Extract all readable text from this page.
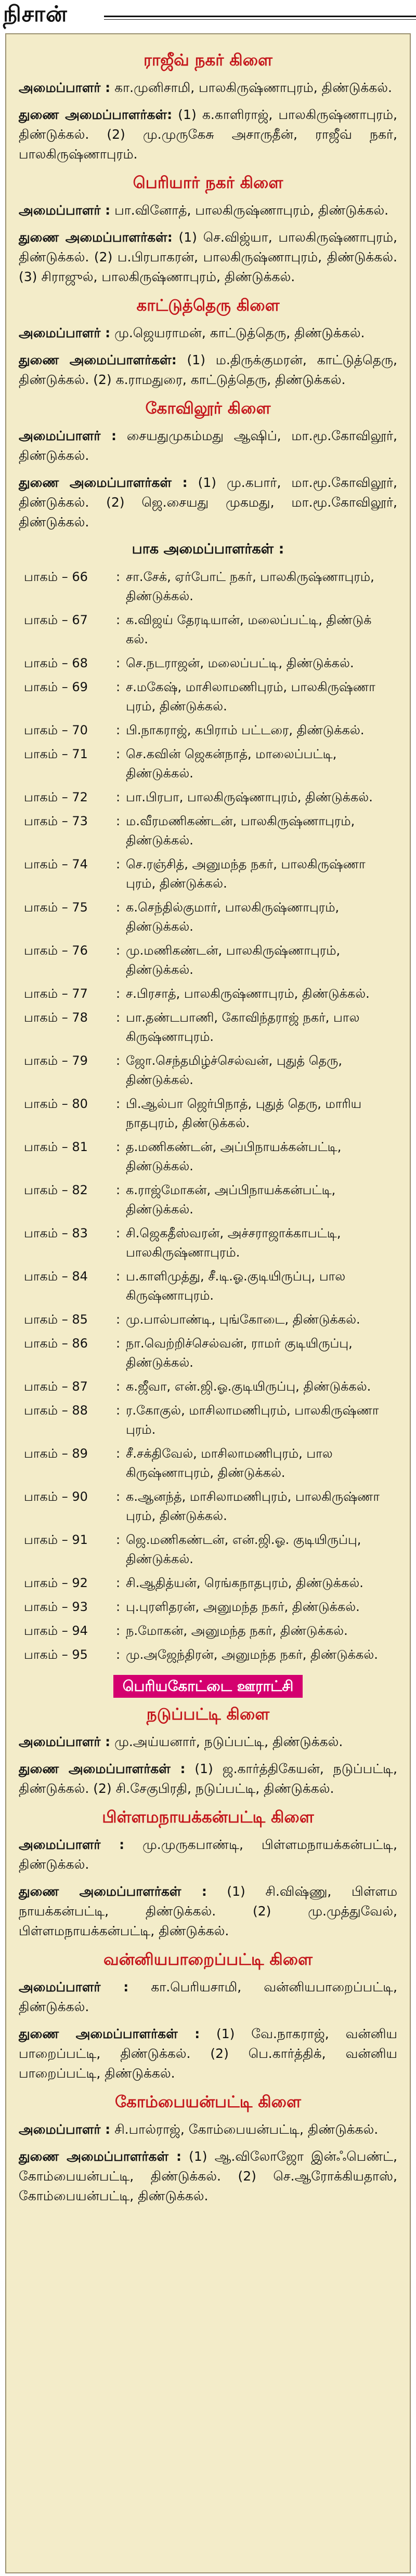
நிசான்
ராஜீவ் நகர் கிளை

அமைப்பாளர் : கா.முனிசாமி, பாலகிருஷ்ணாபுரம், திண்டுக்கல்.

துணை அமைப்பாளர்கள்: (1) க.காளிராஜ், பாலகிருஷ்ணாபுரம், திண்டுக்கல். (2) மு.முருகேசு அசாருதீன், ராஜீவ் நகர், பாலகிருஷ்ணாபுரம்.

பெரியார் நகர் கிளை

அமைப்பாளர் : பா.வினோத், பாலகிருஷ்ணாபுரம், திண்டுக்கல்.

துணை அமைப்பாளர்கள்: (1) செ.விஜ்யா, பாலகிருஷ்ணாபுரம், திண்டுக்கல். (2) ப.பிரபாகரன், பாலகிருஷ்ணாபுரம், திண்டுக்கல். (3) சிராஜுல், பாலகிருஷ்ணாபுரம், திண்டுக்கல்.

காட்டுத்தெரு கிளை

அமைப்பாளர் : மு.ஜெயராமன், காட்டுத்தெரு, திண்டுக்கல்.

துணை அமைப்பாளர்கள்: (1) ம.திருக்குமரன், காட்டுத்தெரு, திண்டுக்கல். (2) க.ராமதுரை, காட்டுத்தெரு, திண்டுக்கல்.

கோவிலூர் கிளை

அமைப்பாளர் : சையதுமுகம்மது ஆஷிப், மா.மூ.கோவிலூர், திண்டுக்கல்.

துணை அமைப்பாளர்கள் : (1) மு.கபார், மா.மூ.கோவிலூர், திண்டுக்கல். (2) ஜெ.சையது முகமது, மா.மூ.கோவிலூர், திண்டுக்கல்.

பாக அமைப்பாளர்கள் :
பாகம் – 66	: சா.சேக், ஏர்போட் நகர், பாலகிருஷ்ணாபுரம், திண்டுக்கல்.
பாகம் – 67	: க.விஜய் தேரடியான், மலைப்பட்டி, திண்டுக் கல்.
பாகம் – 68	: செ.நடராஜன், மலைப்பட்டி, திண்டுக்கல்.
பாகம் – 69	: ச.மகேஷ், மாசிலாமணிபுரம், பாலகிருஷ்ணா புரம், திண்டுக்கல்.
பாகம் – 70	: பி.நாகராஜ், கபிராம் பட்டரை, திண்டுக்கல்.
பாகம் – 71	: செ.கவின் ஜெகன்நாத், மாலைப்பட்டி, திண்டுக்கல்.
பாகம் – 72	: பா.பிரபா, பாலகிருஷ்ணாபுரம், திண்டுக்கல்.
பாகம் – 73	: ம.வீரமணிகண்டன், பாலகிருஷ்ணாபுரம், திண்டுக்கல்.
பாகம் – 74	: செ.ரஞ்சித், அனுமந்த நகர், பாலகிருஷ்ணா புரம், திண்டுக்கல்.
பாகம் – 75	: க.செந்தில்குமார், பாலகிருஷ்ணாபுரம், திண்டுக்கல்.
பாகம் – 76	: மு.மணிகண்டன், பாலகிருஷ்ணாபுரம், திண்டுக்கல்.
பாகம் – 77	: ச.பிரசாத், பாலகிருஷ்ணாபுரம், திண்டுக்கல்.
பாகம் – 78	: பா.தண்டபாணி, கோவிந்தராஜ் நகர், பால கிருஷ்ணாபுரம்.
பாகம் – 79	: ஜோ.செந்தமிழ்ச்செல்வன், புதுத் தெரு, திண்டுக்கல்.
பாகம் – 80	: பி.ஆல்பா ஜெர்பிநாத், புதுத் தெரு, மாரிய நாதபுரம், திண்டுக்கல்.
பாகம் – 81	: த.மணிகண்டன், அப்பிநாயக்கன்பட்டி, திண்டுக்கல்.
பாகம் – 82	: க.ராஜ்மோகன், அப்பிநாயக்கன்பட்டி, திண்டுக்கல்.
பாகம் – 83	: சி.ஜெகதீஸ்வரன், அச்சராஜாக்காபட்டி, பாலகிருஷ்ணாபுரம்.
பாகம் – 84	: ப.காளிமுத்து, சீ.டி.ஓ.குடியிருப்பு, பால கிருஷ்ணாபுரம்.
பாகம் – 85	: மு.பால்பாண்டி, புங்கோடை, திண்டுக்கல்.
பாகம் – 86	: நா.வெற்றிச்செல்வன், ராமர் குடியிருப்பு, திண்டுக்கல்.
பாகம் – 87	: க.ஜீவா, என்.ஜி.ஓ.குடியிருப்பு, திண்டுக்கல்.
பாகம் – 88	: ர.கோகுல், மாசிலாமணிபுரம், பாலகிருஷ்ணா புரம்.
பாகம் – 89	: சீ.சக்திவேல், மாசிலாமணிபுரம், பால கிருஷ்ணாபுரம், திண்டுக்கல்.
பாகம் – 90	: க.ஆனந்த், மாசிலாமணிபுரம், பாலகிருஷ்ணா புரம், திண்டுக்கல்.
பாகம் – 91	: ஜெ.மணிகண்டன், என்.ஜி.ஓ. குடியிருப்பு, திண்டுக்கல்.
பாகம் – 92	: சி.ஆதித்யன், ரெங்கநாதபுரம், திண்டுக்கல்.
பாகம் – 93	: பு.புரளிதரன், அனுமந்த நகர், திண்டுக்கல்.
பாகம் – 94	: ந.மோகன், அனுமந்த நகர், திண்டுக்கல்.
பாகம் – 95	: மு.அஜேந்திரன், அனுமந்த நகர், திண்டுக்கல்.
பெரியகோட்டை ஊராட்சி
நடுப்பட்டி கிளை

அமைப்பாளர் : மு.அய்யனார், நடுப்பட்டி, திண்டுக்கல்.

துணை அமைப்பாளர்கள் : (1) ஜ.கார்த்திகேயன், நடுப்பட்டி, திண்டுக்கல். (2) சி.சேகுபிரதி, நடுப்பட்டி, திண்டுக்கல்.

பிள்ளமநாயக்கன்பட்டி கிளை

அமைப்பாளர் : மு.முருகபாண்டி, பிள்ளமநாயக்கன்பட்டி, திண்டுக்கல்.

துணை அமைப்பாளர்கள் : (1) சி.விஷ்ணு, பிள்ளம நாயக்கன்பட்டி, திண்டுக்கல். (2) மு.முத்துவேல், பிள்ளமநாயக்கன்பட்டி, திண்டுக்கல்.

வன்னியபாறைப்பட்டி கிளை

அமைப்பாளர் : கா.பெரியசாமி, வன்னியபாறைப்பட்டி, திண்டுக்கல்.

துணை அமைப்பாளர்கள் : (1) வே.நாகராஜ், வன்னிய பாறைப்பட்டி, திண்டுக்கல். (2) பெ.கார்த்திக், வன்னிய பாறைப்பட்டி, திண்டுக்கல்.

கோம்பையன்பட்டி கிளை

அமைப்பாளர் : சி.பால்ராஜ், கோம்பையன்பட்டி, திண்டுக்கல்.

துணை அமைப்பாளர்கள் : (1) ஆ.விலோஜோ இன்ஃபெண்ட், கோம்பையன்பட்டி, திண்டுக்கல். (2) செ.ஆரோக்கியதாஸ், கோம்பையன்பட்டி, திண்டுக்கல்.
